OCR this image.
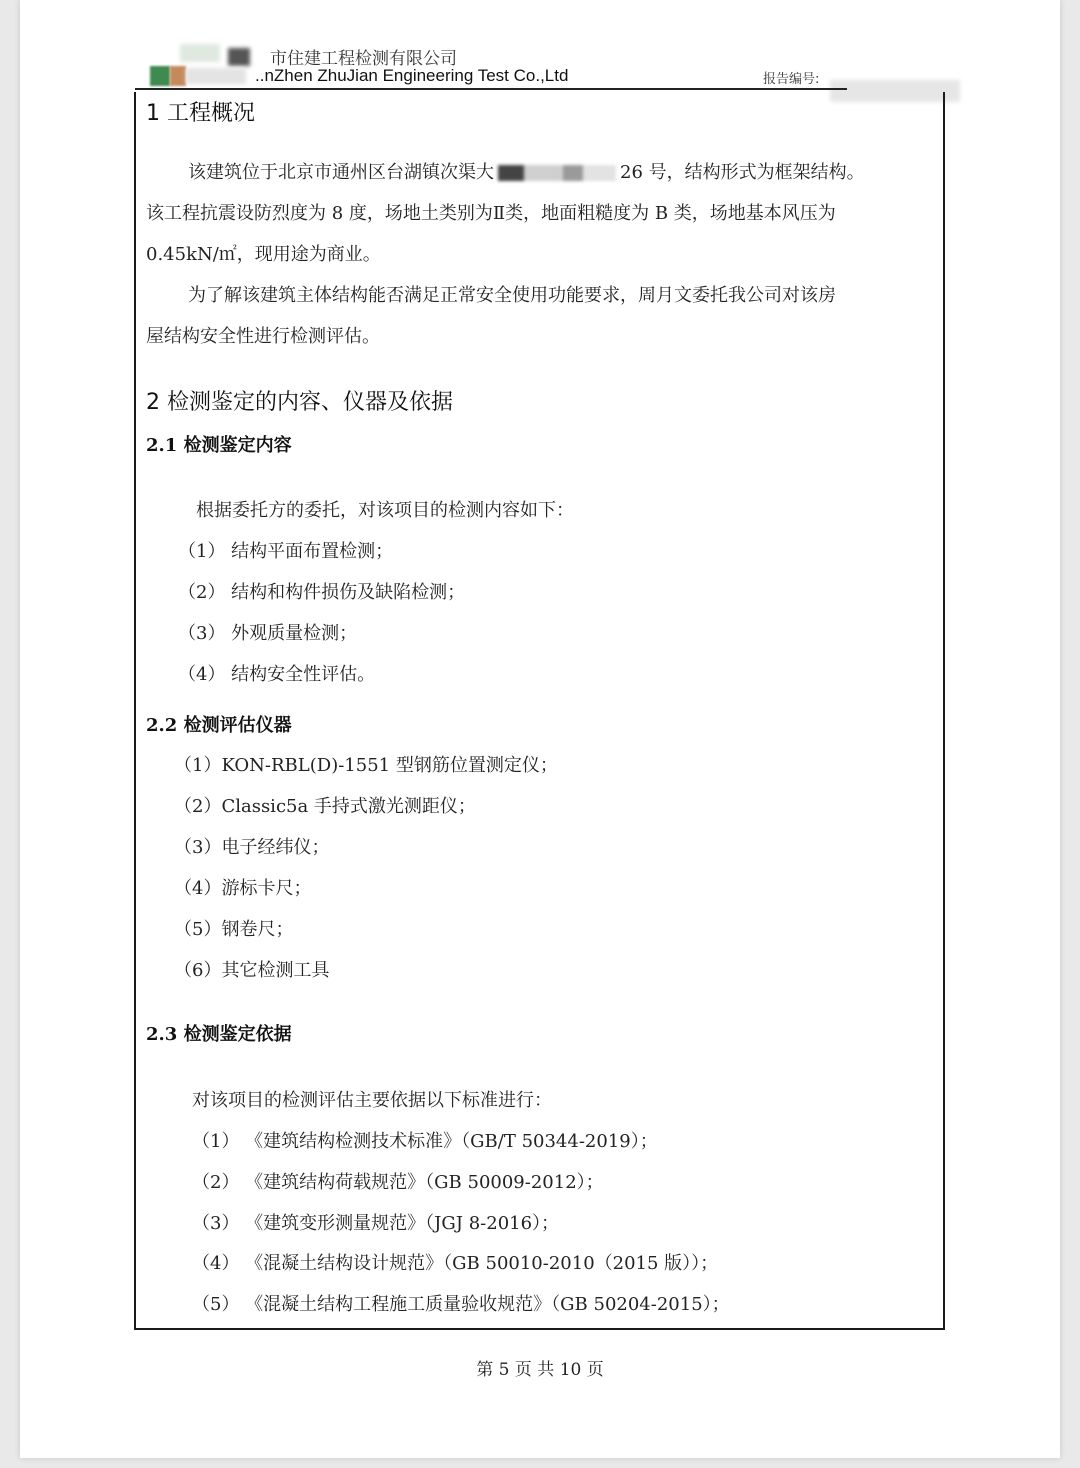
市住建工程检测有限公司
..nZhen ZhuJian Engineering Test Co.,Ltd	报告编号:
1 工程概况
该建筑位于北京市通州区台湖镇次渠大	26 号，结构形式为框架结构。
该工程抗震设防烈度为 8 度，场地土类别为Ⅱ类，地面粗糙度为 B 类，场地基本风压为
0.45kN/㎡，现用途为商业。
为了解该建筑主体结构能否满足正常安全使用功能要求，周月文委托我公司对该房
屋结构安全性进行检测评估。
2 检测鉴定的内容、仪器及依据
2.1 检测鉴定内容
根据委托方的委托，对该项目的检测内容如下：
（1） 结构平面布置检测；
（2） 结构和构件损伤及缺陷检测；
（3） 外观质量检测；
（4） 结构安全性评估。
2.2 检测评估仪器
（1）KON-RBL(D)-1551 型钢筋位置测定仪；
（2）Classic5a 手持式激光测距仪；
（3）电子经纬仪；
（4）游标卡尺；
（5）钢卷尺；
（6）其它检测工具
2.3 检测鉴定依据
对该项目的检测评估主要依据以下标准进行：
（1） 《建筑结构检测技术标准》（GB/T 50344-2019）；
（2） 《建筑结构荷载规范》（GB 50009-2012）；
（3） 《建筑变形测量规范》（JGJ 8-2016）；
（4） 《混凝土结构设计规范》（GB 50010-2010（2015 版））；
（5） 《混凝土结构工程施工质量验收规范》（GB 50204-2015）；
第 5 页 共 10 页
